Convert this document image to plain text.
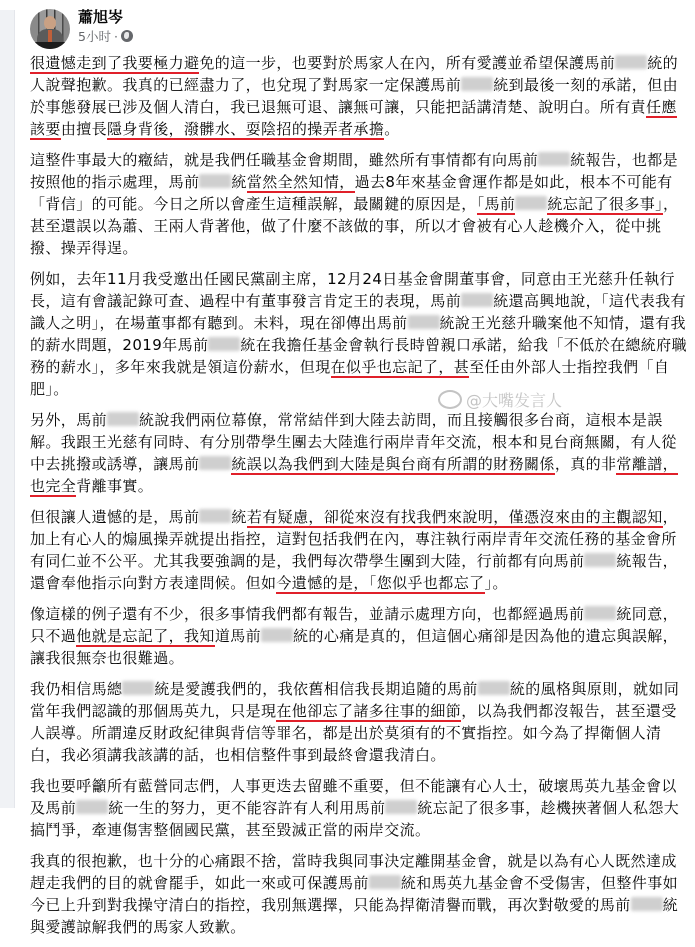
蕭旭岑
5小时 ·

很遺憾走到了我要極力避免的這一步，也要對於馬家人在內，所有愛護並希望保護馬前 統的人說聲抱歉。我真的已經盡力了，也兌現了對馬家一定保護馬前 統到最後一刻的承諾，但由於事態發展已涉及個人清白，我已退無可退、讓無可讓，只能把話講清楚、說明白。所有責任應該要由擅長隱身背後，潑髒水、耍陰招的操弄者承擔。

這整件事最大的癥結，就是我們任職基金會期間，雖然所有事情都有向馬前 統報告，也都是按照他的指示處理，馬前 統當然全然知情，過去8年來基金會運作都是如此，根本不可能有「背信」的可能。今日之所以會產生這種誤解，最關鍵的原因是，「馬前 統忘記了很多事」，甚至還誤以為蕭、王兩人背著他，做了什麼不該做的事，所以才會被有心人趁機介入，從中挑撥、操弄得逞。

例如，去年11月我受邀出任國民黨副主席，12月24日基金會開董事會，同意由王光慈升任執行長，這有會議記錄可查、過程中有董事發言肯定王的表現，馬前 統還高興地說，「這代表我有識人之明」，在場董事都有聽到。未料，現在卻傳出馬前 統說王光慈升職案他不知情，還有我的薪水問題，2019年馬前 統在我擔任基金會執行長時曾親口承諾，給我「不低於在總統府職務的薪水」，多年來我就是領這份薪水，但現在似乎也忘記了，甚至任由外部人士指控我們「自肥」。

另外，馬前 統說我們兩位幕僚，常常結伴到大陸去訪問，而且接觸很多台商，這根本是誤解。我跟王光慈有同時、有分別帶學生團去大陸進行兩岸青年交流，根本和見台商無關，有人從中去挑撥或誘導，讓馬前 統誤以為我們到大陸是與台商有所謂的財務關係，真的非常離譜，也完全背離事實。

但很讓人遺憾的是，馬前 統若有疑慮，卻從來沒有找我們來說明，僅憑沒來由的主觀認知，加上有心人的煽風操弄就提出指控，這對包括我們在內，專注執行兩岸青年交流任務的基金會所有同仁並不公平。尤其我要強調的是，我們每次帶學生團到大陸，行前都有向馬前 統報告，還會奉他指示向對方表達問候。但如今遺憾的是，「您似乎也都忘了」。

像這樣的例子還有不少，很多事情我們都有報告，並請示處理方向，也都經過馬前 統同意，只不過他就是忘記了，我知道馬前 統的心痛是真的，但這個心痛卻是因為他的遺忘與誤解，讓我很無奈也很難過。

我仍相信馬總 統是愛護我們的，我依舊相信我長期追隨的馬前 統的風格與原則，就如同當年我們認識的那個馬英九，只是現在他卻忘了諸多往事的細節，以為我們都沒報告，甚至還受人誤導。所謂違反財政紀律與背信等罪名，都是出於莫須有的不實指控。如今為了捍衛個人清白，我必須講我該講的話，也相信整件事到最終會還我清白。

我也要呼籲所有藍營同志們，人事更迭去留雖不重要，但不能讓有心人士，破壞馬英九基金會以及馬前 統一生的努力，更不能容許有人利用馬前 統忘記了很多事，趁機挾著個人私怨大搞鬥爭，牽連傷害整個國民黨，甚至毀滅正當的兩岸交流。

我真的很抱歉，也十分的心痛跟不捨，當時我與同事決定離開基金會，就是以為有心人既然達成趕走我們的目的就會罷手，如此一來或可保護馬前 統和馬英九基金會不受傷害，但整件事如今已上升到對我操守清白的指控，我別無選擇，只能為捍衛清譽而戰，再次對敬愛的馬前 統與愛護諒解我們的馬家人致歉。

@大嘴发言人
